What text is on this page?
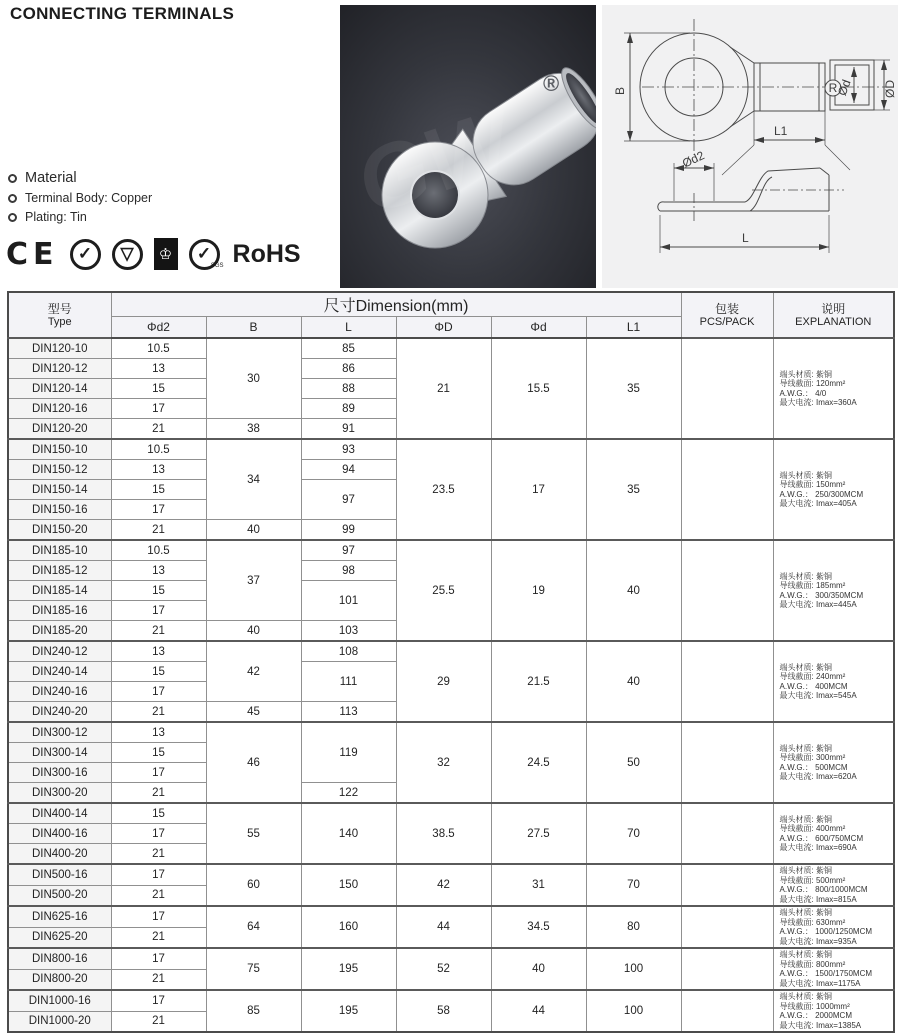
CONNECTING TERMINALS
Material
Terminal Body: Copper
Plating: Tin
CE	✓	▽	♔	✓
SGS RoHS
GW
®	B	R
Ød ØD
L1
Ød2
L
型号
Type	尺寸Dimension(mm)						包装
PCS/PACK	说明
EXPLANATION

	Φd2	B	L	ΦD	Φd	L1		
DIN120-10	10.5	30	85	21	15.5	35		端头材质: 紫铜
导线截面: 120mm²
A.W.G.： 4/0
最大电流: Imax=360A

DIN120-12	13		86					
DIN120-14	15		88					
DIN120-16	17		89					
DIN120-20	21	38	91					
DIN150-10	10.5	34	93	23.5	17	35		端头材质: 紫铜
导线截面: 150mm²
A.W.G.： 250/300MCM
最大电流: Imax=405A

DIN150-12	13		94					
DIN150-14	15		97					
DIN150-16	17							
DIN150-20	21	40	99					
DIN185-10	10.5	37	97	25.5	19	40		端头材质: 紫铜
导线截面: 185mm²
A.W.G.： 300/350MCM
最大电流: Imax=445A

DIN185-12	13		98					
DIN185-14	15		101					
DIN185-16	17							
DIN185-20	21	40	103					
DIN240-12	13	42	108	29	21.5	40		端头材质: 紫铜
导线截面: 240mm²
A.W.G.： 400MCM
最大电流: Imax=545A

DIN240-14	15		111					
DIN240-16	17							
DIN240-20	21	45	113					
DIN300-12	13	46	119	32	24.5	50		端头材质: 紫铜
导线截面: 300mm²
A.W.G.： 500MCM
最大电流: Imax=620A

DIN300-14	15							
DIN300-16	17							
DIN300-20	21		122					
DIN400-14	15	55	140	38.5	27.5	70		端头材质: 紫铜
导线截面: 400mm²
A.W.G.： 600/750MCM
最大电流: Imax=690A

DIN400-16	17							
DIN400-20	21							
DIN500-16	17	60	150	42	31	70		端头材质: 紫铜
导线截面: 500mm²
A.W.G.： 800/1000MCM
最大电流: Imax=815A

DIN500-20	21							
DIN625-16	17	64	160	44	34.5	80		端头材质: 紫铜
导线截面: 630mm²
A.W.G.： 1000/1250MCM
最大电流: Imax=935A

DIN625-20	21							
DIN800-16	17	75	195	52	40	100		端头材质: 紫铜
导线截面: 800mm²
A.W.G.： 1500/1750MCM
最大电流: Imax=1175A

DIN800-20	21							
DIN1000-16	17	85	195	58	44	100		端头材质: 紫铜
导线截面: 1000mm²
A.W.G.： 2000MCM
最大电流: Imax=1385A

DIN1000-20	21							
